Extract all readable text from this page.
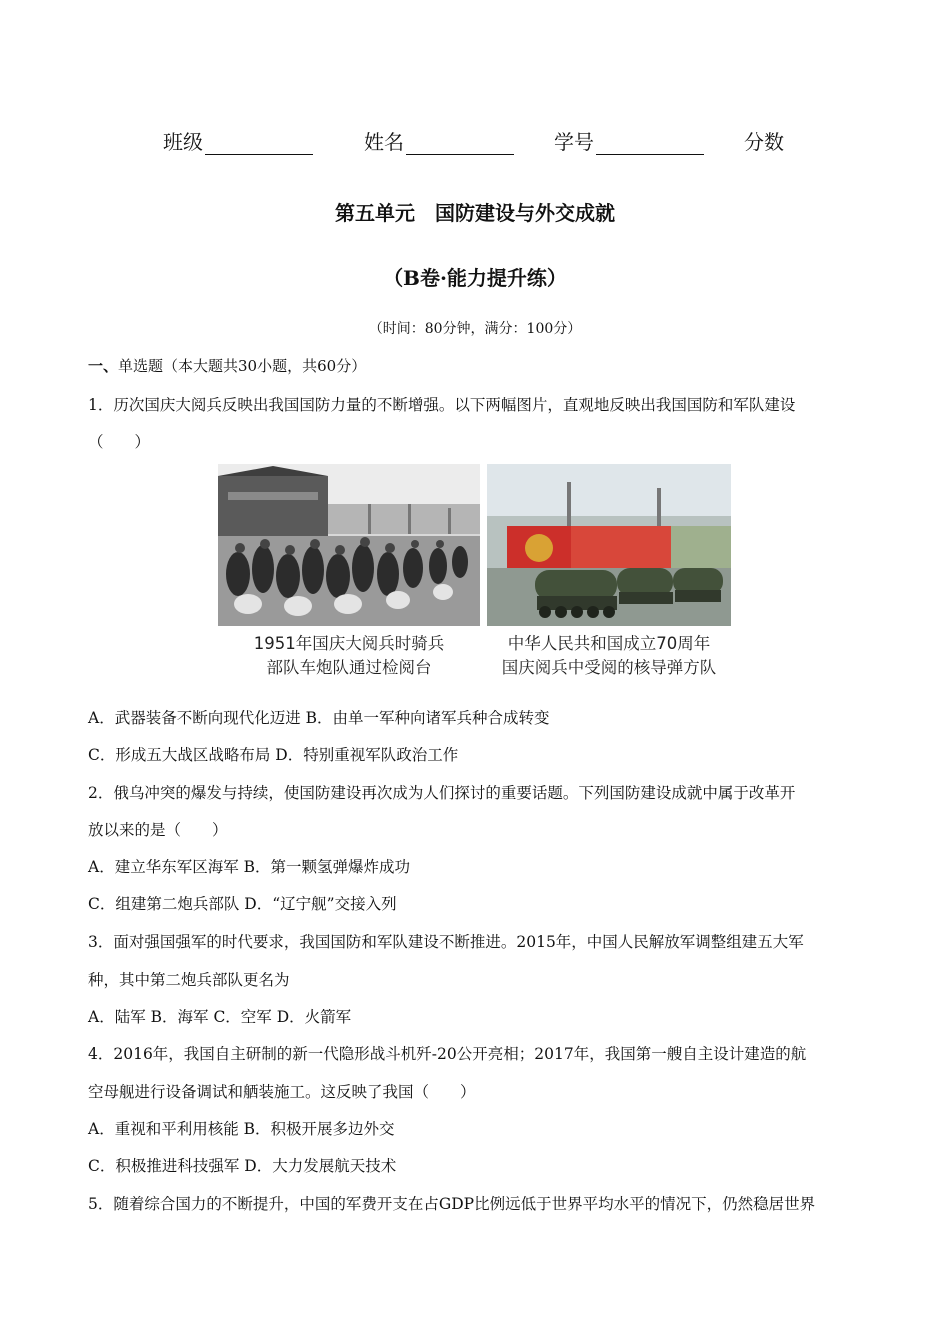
班级	姓名	学号	分数
第五单元　国防建设与外交成就
（B卷·能力提升练）
（时间：80分钟，满分：100分）
一、单选题（本大题共30小题，共60分）
1．历次国庆大阅兵反映出我国国防力量的不断增强。以下两幅图片，直观地反映出我国国防和军队建设
（　　）
1951年国庆大阅兵时骑兵
部队车炮队通过检阅台
中华人民共和国成立70周年
国庆阅兵中受阅的核导弹方队
A．武器装备不断向现代化迈进 B．由单一军种向诸军兵种合成转变
C．形成五大战区战略布局 D．特别重视军队政治工作
2．俄乌冲突的爆发与持续，使国防建设再次成为人们探讨的重要话题。下列国防建设成就中属于改革开
放以来的是（　　）
A．建立华东军区海军 B．第一颗氢弹爆炸成功
C．组建第二炮兵部队 D．“辽宁舰”交接入列
3．面对强国强军的时代要求，我国国防和军队建设不断推进。2015年，中国人民解放军调整组建五大军
种，其中第二炮兵部队更名为
A．陆军 B．海军 C．空军 D．火箭军
4．2016年，我国自主研制的新一代隐形战斗机歼-20公开亮相；2017年，我国第一艘自主设计建造的航
空母舰进行设备调试和舾装施工。这反映了我国（　　）
A．重视和平利用核能 B．积极开展多边外交
C．积极推进科技强军 D．大力发展航天技术
5．随着综合国力的不断提升，中国的军费开支在占GDP比例远低于世界平均水平的情况下，仍然稳居世界
